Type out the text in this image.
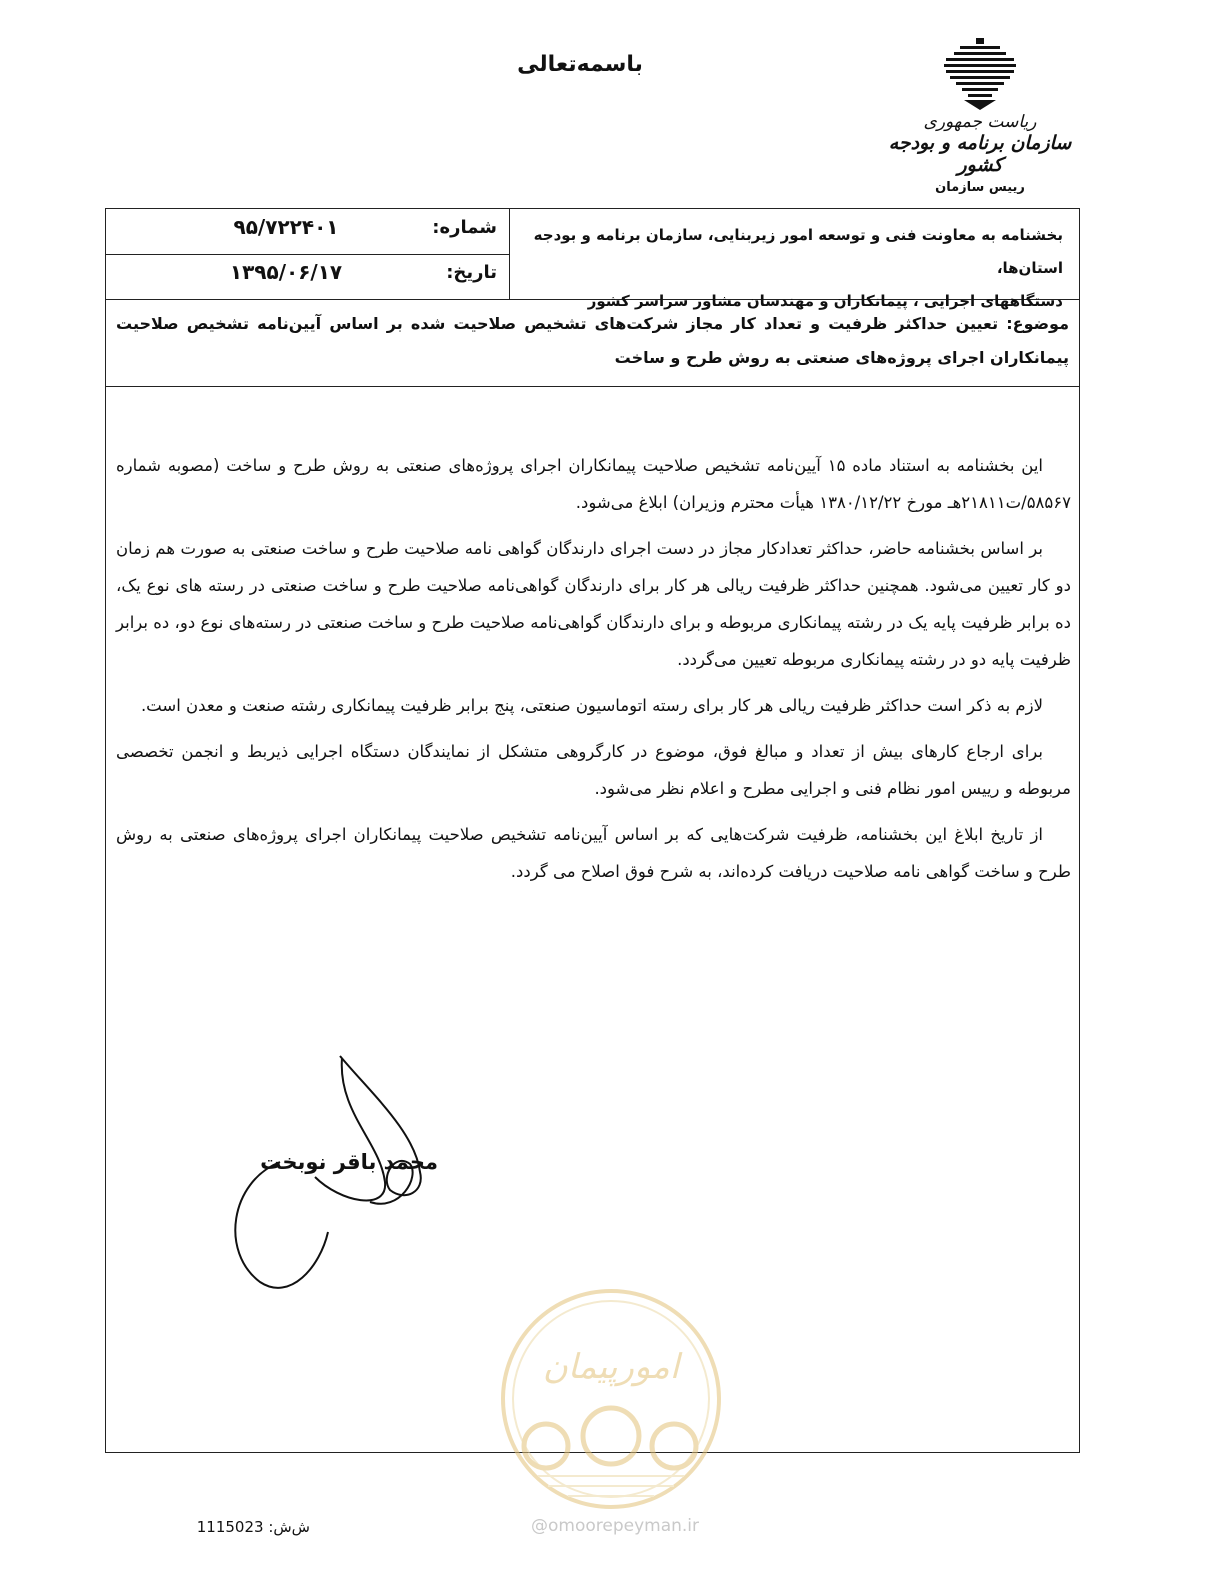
باسمه‌تعالی
ریاست جمهوری
سازمان برنامه و بودجه کشور
رییس سازمان
بخشنامه به معاونت فنی و توسعه امور زیربنایی، سازمان برنامه و بودجه استان‌ها،
دستگاههای اجرایی ، پیمانکاران و مهندسان مشاور سراسر کشور
شماره:
۹۵/۷۲۲۴۰۱
تاریخ:
۱۳۹۵/۰۶/۱۷
موضوع: تعیین حداکثر ظرفیت و تعداد کار مجاز شرکت‌های تشخیص صلاحیت شده بر اساس آیین‌نامه تشخیص صلاحیت پیمانکاران اجرای پروژه‌های صنعتی به روش طرح و ساخت

این بخشنامه به استناد ماده ۱۵ آیین‌نامه تشخیص صلاحیت پیمانکاران اجرای پروژه‌های صنعتی به روش طرح و ساخت (مصوبه شماره ۵۸۵۶۷/ت۲۱۸۱۱هـ مورخ ۱۳۸۰/۱۲/۲۲ هیأت محترم وزیران) ابلاغ می‌شود.

بر اساس بخشنامه حاضر، حداکثر تعدادکار مجاز در دست اجرای دارندگان گواهی نامه صلاحیت طرح و ساخت صنعتی به صورت هم زمان دو کار تعیین می‌شود. همچنین حداکثر ظرفیت ریالی هر کار برای دارندگان گواهی‌نامه صلاحیت طرح و ساخت صنعتی در رسته های نوع یک، ده برابر ظرفیت پایه یک در رشته پیمانکاری مربوطه و برای دارندگان گواهی‌نامه صلاحیت طرح و ساخت صنعتی در رسته‌های نوع دو، ده برابر ظرفیت پایه دو در رشته پیمانکاری مربوطه تعیین می‌گردد.

لازم به ذکر است حداکثر ظرفیت ریالی هر کار برای رسته اتوماسیون صنعتی، پنج برابر ظرفیت پیمانکاری رشته صنعت و معدن است.

برای ارجاع کارهای بیش از تعداد و مبالغ فوق، موضوع در کارگروهی متشکل از نمایندگان دستگاه اجرایی ذیربط و انجمن تخصصی مربوطه و رییس امور نظام فنی و اجرایی مطرح و اعلام نظر می‌شود.

از تاریخ ابلاغ این بخشنامه، ظرفیت شرکت‌هایی که بر اساس آیین‌نامه تشخیص صلاحیت پیمانکاران اجرای پروژه‌های صنعتی به روش طرح و ساخت گواهی نامه صلاحیت دریافت کرده‌اند، به شرح فوق اصلاح می گردد.

محمد باقر نوبخت
امورپیمان
@omoorepeyman.ir
ش‌ش: 1115023
